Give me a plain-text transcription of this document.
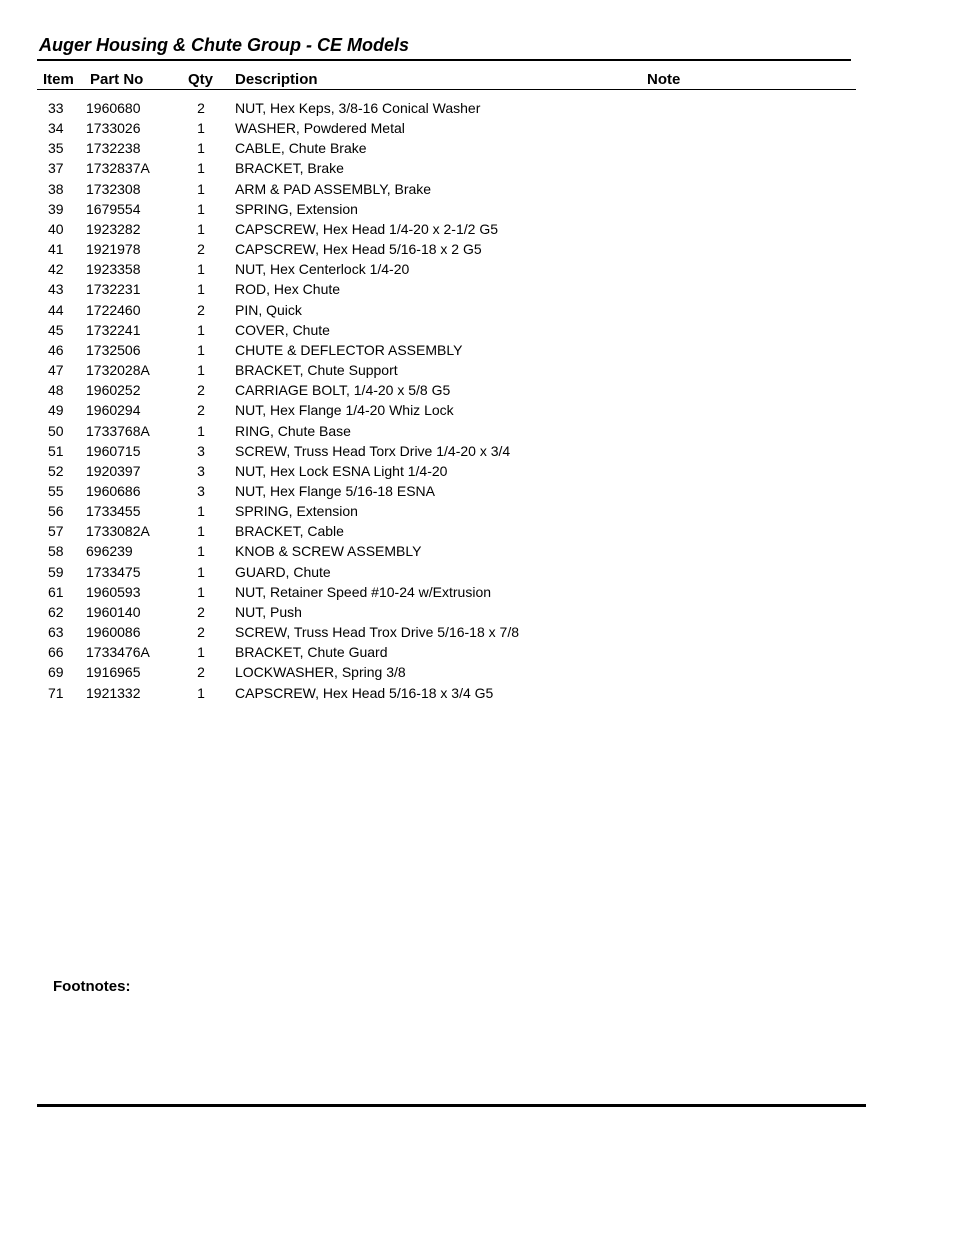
Auger Housing & Chute Group - CE Models
Item Part No	Qty Description	Note
33 1960680	2	NUT, Hex Keps, 3/8-16 Conical Washer
34 1733026	1	WASHER, Powdered Metal
35 1732238	1	CABLE, Chute Brake
37 1732837A	1	BRACKET, Brake
38 1732308	1	ARM & PAD ASSEMBLY, Brake
39 1679554	1	SPRING, Extension
40 1923282	1	CAPSCREW, Hex Head 1/4-20 x 2-1/2 G5
41 1921978	2	CAPSCREW, Hex Head 5/16-18 x 2 G5
42 1923358	1	NUT, Hex Centerlock 1/4-20
43 1732231	1	ROD, Hex Chute
44 1722460	2	PIN, Quick
45 1732241	1	COVER, Chute
46 1732506	1	CHUTE & DEFLECTOR ASSEMBLY
47 1732028A	1	BRACKET, Chute Support
48 1960252	2	CARRIAGE BOLT, 1/4-20 x 5/8 G5
49 1960294	2	NUT, Hex Flange 1/4-20 Whiz Lock
50 1733768A	1	RING, Chute Base
51 1960715	3	SCREW, Truss Head Torx Drive 1/4-20 x 3/4
52 1920397	3	NUT, Hex Lock ESNA Light 1/4-20
55 1960686	3	NUT, Hex Flange 5/16-18 ESNA
56 1733455	1	SPRING, Extension
57 1733082A	1	BRACKET, Cable
58 696239	1	KNOB & SCREW ASSEMBLY
59 1733475	1	GUARD, Chute
61 1960593	1	NUT, Retainer Speed #10-24 w/Extrusion
62 1960140	2	NUT, Push
63 1960086	2	SCREW, Truss Head Trox Drive 5/16-18 x 7/8
66 1733476A	1	BRACKET, Chute Guard
69 1916965	2	LOCKWASHER, Spring 3/8
71 1921332	1	CAPSCREW, Hex Head 5/16-18 x 3/4 G5
Footnotes:
